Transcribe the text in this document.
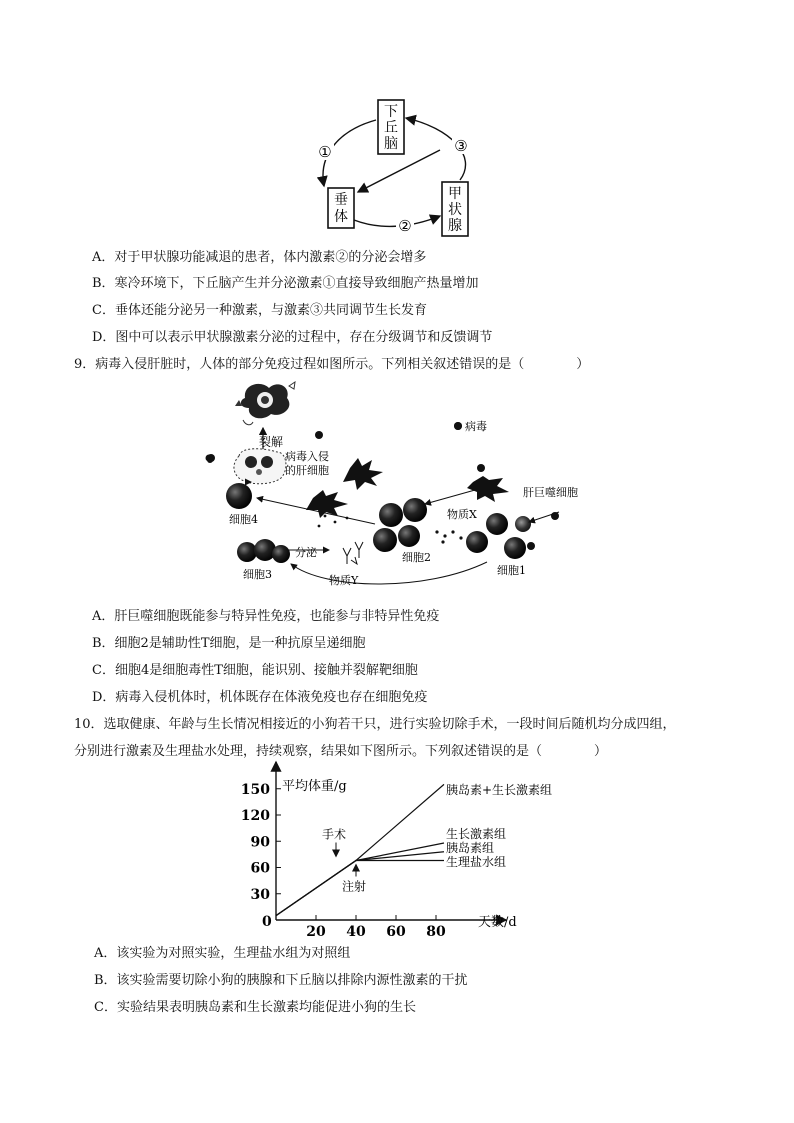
下
丘
脑
垂
体
甲
状
腺
①
②
③
A．对于甲状腺功能减退的患者，体内激素②的分泌会增多
B．寒冷环境下，下丘脑产生并分泌激素①直接导致细胞产热量增加
C．垂体还能分泌另一种激素，与激素③共同调节生长发育
D．图中可以表示甲状腺激素分泌的过程中，存在分级调节和反馈调节
9．病毒入侵肝脏时，人体的部分免疫过程如图所示。下列相关叙述错误的是（　　　　）
裂解
病毒入侵
的肝细胞
病毒
肝巨噬细胞
细胞4
细胞2
物质X
细胞1
细胞3
分泌
物质Y
A．肝巨噬细胞既能参与特异性免疫，也能参与非特异性免疫
B．细胞2是辅助性T细胞，是一种抗原呈递细胞
C．细胞4是细胞毒性T细胞，能识别、接触并裂解靶细胞
D．病毒入侵机体时，机体既存在体液免疫也存在细胞免疫
10．选取健康、年龄与生长情况相接近的小狗若干只，进行实验切除手术，一段时间后随机均分成四组，
分别进行激素及生理盐水处理，持续观察，结果如下图所示。下列叙述错误的是（　　　　）
平均体重/g
天数/d
0
30
60
90
120
150
20 40 60 80
胰岛素+生长激素组
生长激素组
胰岛素组
生理盐水组
手术
注射
A．该实验为对照实验，生理盐水组为对照组
B．该实验需要切除小狗的胰腺和下丘脑以排除内源性激素的干扰
C．实验结果表明胰岛素和生长激素均能促进小狗的生长
